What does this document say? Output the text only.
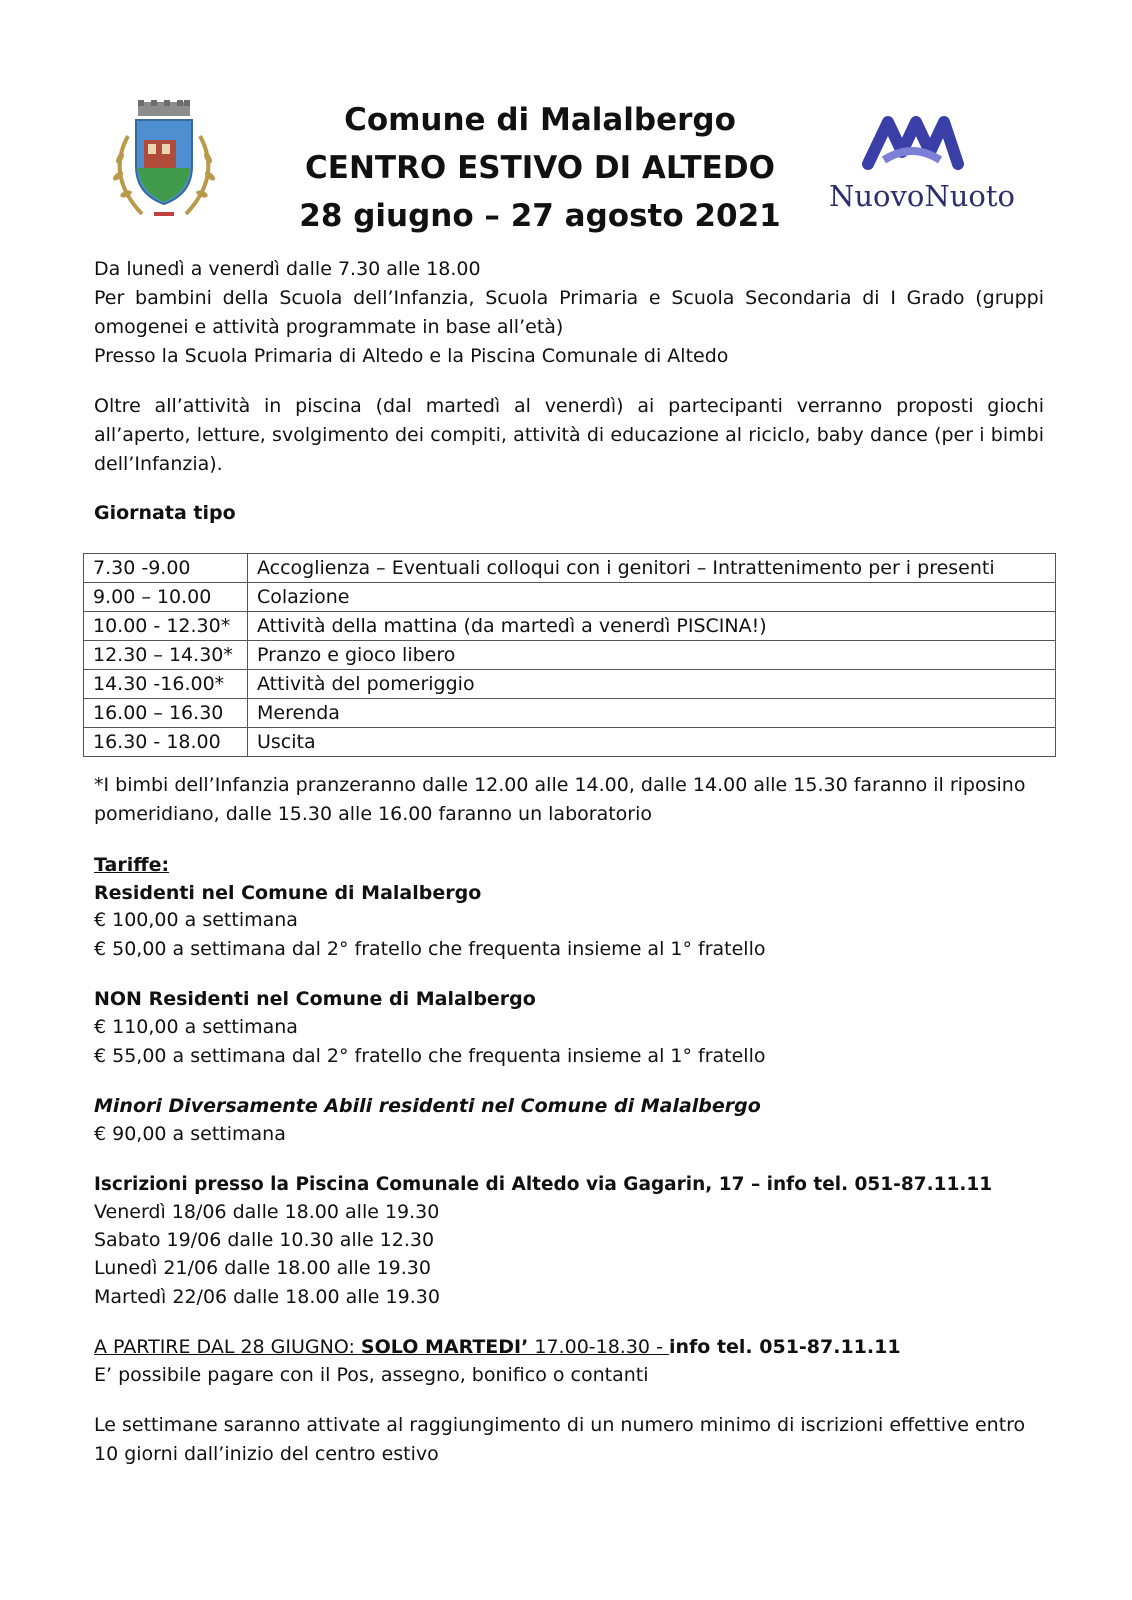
Comune di Malalbergo
CENTRO ESTIVO DI ALTEDO
28 giugno – 27 agosto 2021
NuovoNuoto
Da lunedì a venerdì dalle 7.30 alle 18.00
Per bambini della Scuola dell’Infanzia, Scuola Primaria e Scuola Secondaria di I Grado (gruppi omogenei e attività programmate in base all’età)
Presso la Scuola Primaria di Altedo e la Piscina Comunale di Altedo
Oltre all’attività in piscina (dal martedì al venerdì) ai partecipanti verranno proposti giochi all’aperto, letture, svolgimento dei compiti, attività di educazione al riciclo, baby dance (per i bimbi dell’Infanzia).
Giornata tipo
7.30 -9.00	Accoglienza – Eventuali colloqui con i genitori – Intrattenimento per i presenti
9.00 – 10.00	Colazione
10.00 - 12.30*	Attività della mattina (da martedì a venerdì PISCINA!)
12.30 – 14.30*	Pranzo e gioco libero
14.30 -16.00*	Attività del pomeriggio
16.00 – 16.30	Merenda
16.30 - 18.00	Uscita
*I bimbi dell’Infanzia pranzeranno dalle 12.00 alle 14.00, dalle 14.00 alle 15.30 faranno il riposino pomeridiano, dalle 15.30 alle 16.00 faranno un laboratorio
Tariffe:
Residenti nel Comune di Malalbergo
€ 100,00 a settimana
€ 50,00 a settimana dal 2° fratello che frequenta insieme al 1° fratello
NON Residenti nel Comune di Malalbergo
€ 110,00 a settimana
€ 55,00 a settimana dal 2° fratello che frequenta insieme al 1° fratello
Minori Diversamente Abili residenti nel Comune di Malalbergo
€ 90,00 a settimana
Iscrizioni presso la Piscina Comunale di Altedo via Gagarin, 17 – info tel. 051-87.11.11
Venerdì 18/06 dalle 18.00 alle 19.30
Sabato 19/06 dalle 10.30 alle 12.30
Lunedì 21/06 dalle 18.00 alle 19.30
Martedì 22/06 dalle 18.00 alle 19.30
A PARTIRE DAL 28 GIUGNO: SOLO MARTEDI’ 17.00-18.30 - info tel. 051-87.11.11
E’ possibile pagare con il Pos, assegno, bonifico o contanti
Le settimane saranno attivate al raggiungimento di un numero minimo di iscrizioni effettive entro 10 giorni dall’inizio del centro estivo
